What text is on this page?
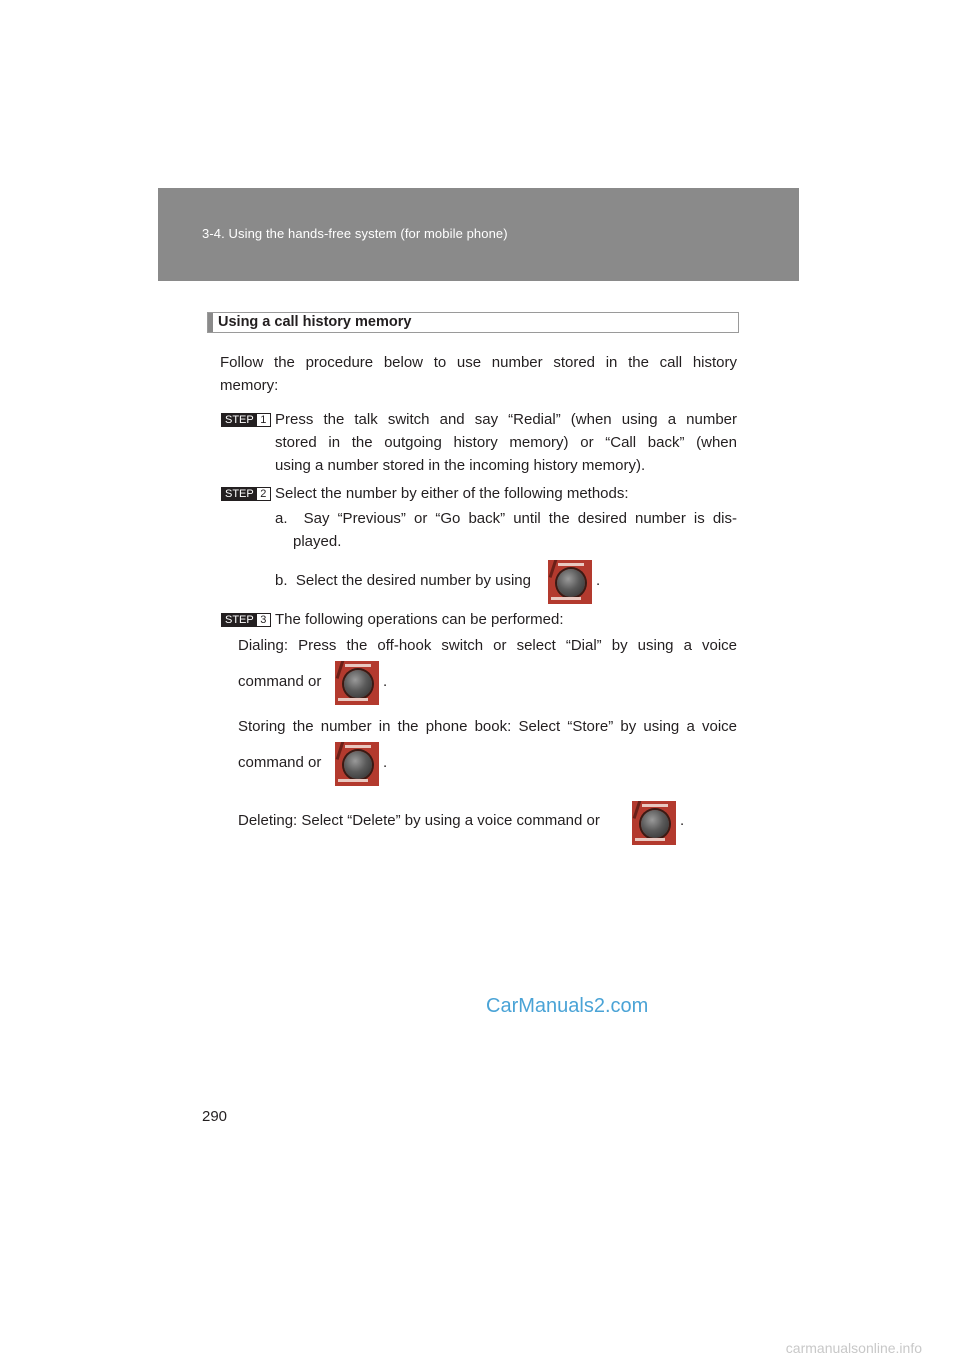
3-4. Using the hands-free system (for mobile phone)
Using a call history memory
Follow the procedure below to use number stored in the call history
memory:
STEP 1 Press the talk switch and say “Redial” (when using a number
stored in the outgoing history memory) or “Call back” (when
using a number stored in the incoming history memory).
STEP 2 Select the number by either of the following methods:
a.  Say “Previous” or “Go back” until the desired number is dis-
played.
b.  Select the desired number by using	.
STEP 3 The following operations can be performed:
Dialing: Press the off-hook switch or select “Dial” by using a voice
command or	.
Storing the number in the phone book: Select “Store” by using a voice
command or	.
Deleting: Select “Delete” by using a voice command or	.
CarManuals2.com
290
carmanualsonline.info
